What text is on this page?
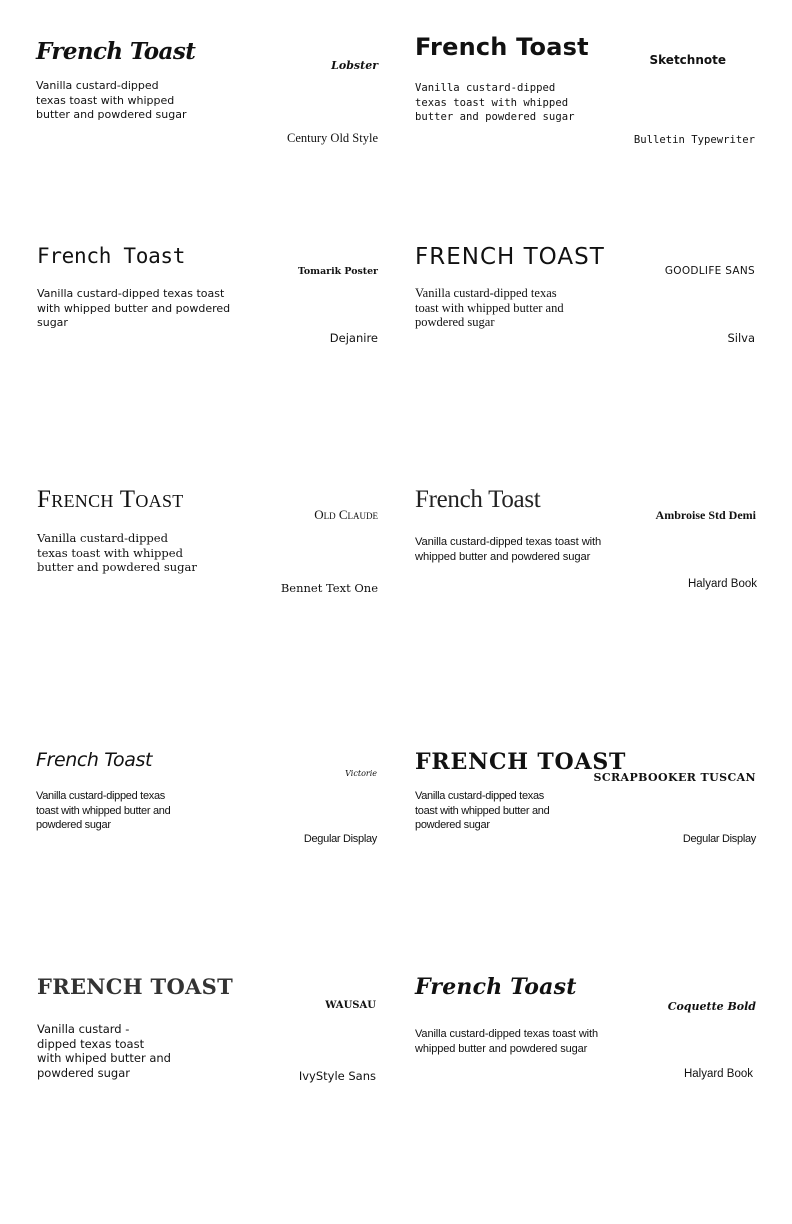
French Toast
Lobster

Vanilla custard-dipped texas toast with whipped butter and powdered sugar

Century Old Style
French Toast	Sketchnote

Vanilla custard-dipped texas toast with whipped butter and powdered sugar

Bulletin Typewriter
French Toast
Tomarik Poster

Vanilla custard-dipped texas toast with whipped butter and powdered sugar

Dejanire
FRENCH TOAST
GOODLIFE SANS

Vanilla custard-dipped texas toast with whipped butter and powdered sugar

Silva
French Toast
Old Claude

Vanilla custard-dipped texas toast with whipped butter and powdered sugar

Bennet Text One
French Toast
Ambroise Std Demi

Vanilla custard-dipped texas toast with whipped butter and powdered sugar

Halyard Book
French Toast
Victorie

Vanilla custard-dipped texas toast with whipped butter and powdered sugar

Degular Display
FRENCH TOAST
SCRAPBOOKER TUSCAN

Vanilla custard-dipped texas toast with whipped butter and powdered sugar

Degular Display
FRENCH TOAST
WAUSAU

Vanilla custard - dipped texas toast with whiped butter and powdered sugar	IvyStyle Sans
French Toast
Coquette Bold

Vanilla custard-dipped texas toast with whipped butter and powdered sugar

Halyard Book
